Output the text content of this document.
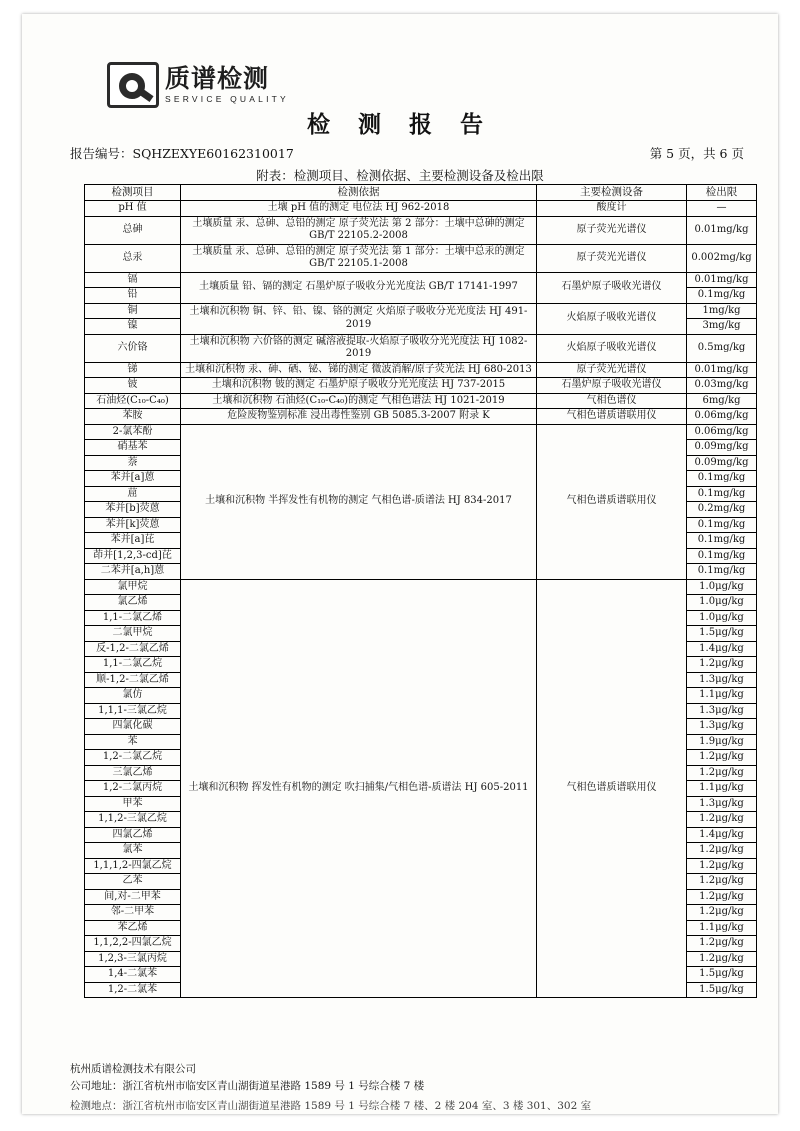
质谱检测
SERVICE QUALITY
检 测 报 告
报告编号：SQHZEXYE60162310017	第 5 页，共 6 页
附表：检测项目、检测依据、主要检测设备及检出限
检测项目	检测依据	主要检测设备	检出限
pH 值	土壤 pH 值的测定 电位法 HJ 962-2018	酸度计	—
总砷	土壤质量 汞、总砷、总铅的测定 原子荧光法 第 2 部分：土壤中总砷的测定 GB/T 22105.2-2008	原子荧光光谱仪	0.01mg/kg
总汞	土壤质量 汞、总砷、总铅的测定 原子荧光法 第 1 部分：土壤中总汞的测定 GB/T 22105.1-2008	原子荧光光谱仪	0.002mg/kg
镉	土壤质量 铅、镉的测定 石墨炉原子吸收分光光度法 GB/T 17141-1997	石墨炉原子吸收光谱仪	0.01mg/kg
铅			0.1mg/kg
铜	土壤和沉积物 铜、锌、铅、镍、铬的测定 火焰原子吸收分光光度法 HJ 491-2019	火焰原子吸收光谱仪	1mg/kg
镍			3mg/kg
六价铬	土壤和沉积物 六价铬的测定 碱溶液提取-火焰原子吸收分光光度法 HJ 1082-2019	火焰原子吸收光谱仪	0.5mg/kg
锑	土壤和沉积物 汞、砷、硒、铋、锑的测定 微波消解/原子荧光法 HJ 680-2013	原子荧光光谱仪	0.01mg/kg
铍	土壤和沉积物 铍的测定 石墨炉原子吸收分光光度法 HJ 737-2015	石墨炉原子吸收光谱仪	0.03mg/kg
石油烃(C₁₀-C₄₀)	土壤和沉积物 石油烃(C₁₀-C₄₀)的测定 气相色谱法 HJ 1021-2019	气相色谱仪	6mg/kg
苯胺	危险废物鉴别标准 浸出毒性鉴别 GB 5085.3-2007 附录 K	气相色谱质谱联用仪	0.06mg/kg
2-氯苯酚	土壤和沉积物 半挥发性有机物的测定 气相色谱-质谱法 HJ 834-2017	气相色谱质谱联用仪	0.06mg/kg
硝基苯			0.09mg/kg
萘			0.09mg/kg
苯并[a]蒽			0.1mg/kg
䓛			0.1mg/kg
苯并[b]荧蒽			0.2mg/kg
苯并[k]荧蒽			0.1mg/kg
苯并[a]芘			0.1mg/kg
茚并[1,2,3-cd]芘			0.1mg/kg
二苯并[a,h]蒽			0.1mg/kg
氯甲烷	土壤和沉积物 挥发性有机物的测定 吹扫捕集/气相色谱-质谱法 HJ 605-2011	气相色谱质谱联用仪	1.0μg/kg
氯乙烯			1.0μg/kg
1,1-二氯乙烯			1.0μg/kg
二氯甲烷			1.5μg/kg
反-1,2-二氯乙烯			1.4μg/kg
1,1-二氯乙烷			1.2μg/kg
顺-1,2-二氯乙烯			1.3μg/kg
氯仿			1.1μg/kg
1,1,1-三氯乙烷			1.3μg/kg
四氯化碳			1.3μg/kg
苯			1.9μg/kg
1,2-二氯乙烷			1.2μg/kg
三氯乙烯			1.2μg/kg
1,2-二氯丙烷			1.1μg/kg
甲苯			1.3μg/kg
1,1,2-三氯乙烷			1.2μg/kg
四氯乙烯			1.4μg/kg
氯苯			1.2μg/kg
1,1,1,2-四氯乙烷			1.2μg/kg
乙苯			1.2μg/kg
间,对-二甲苯			1.2μg/kg
邻-二甲苯			1.2μg/kg
苯乙烯			1.1μg/kg
1,1,2,2-四氯乙烷			1.2μg/kg
1,2,3-三氯丙烷			1.2μg/kg
1,4-二氯苯			1.5μg/kg
1,2-二氯苯			1.5μg/kg
杭州质谱检测技术有限公司
公司地址：浙江省杭州市临安区青山湖街道星港路 1589 号 1 号综合楼 7 楼
检测地点：浙江省杭州市临安区青山湖街道星港路 1589 号 1 号综合楼 7 楼、2 楼 204 室、3 楼 301、302 室
